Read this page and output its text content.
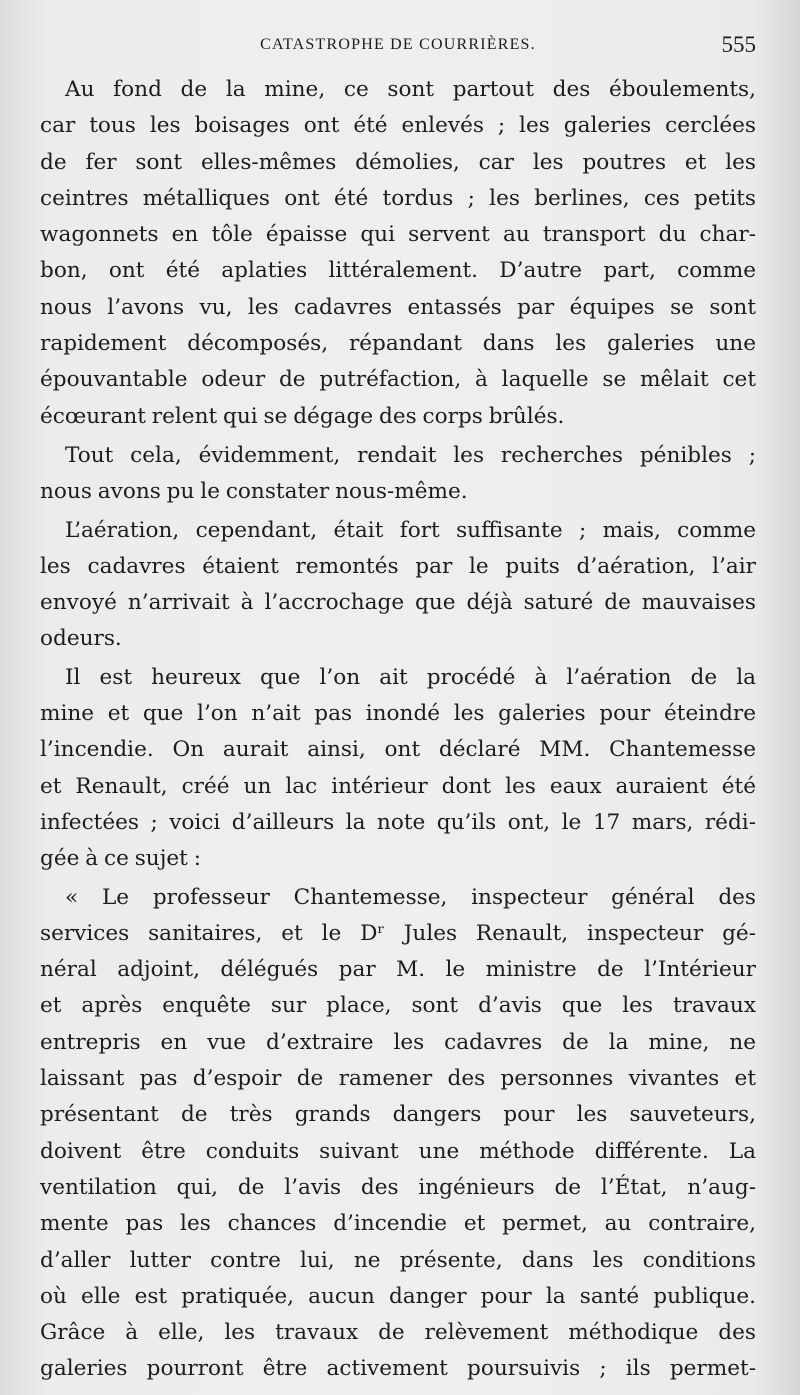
CATASTROPHE DE COURRIÈRES.	555
Au fond de la mine, ce sont partout des éboulements,
car tous les boisages ont été enlevés ; les galeries cerclées
de fer sont elles-mêmes démolies, car les poutres et les
ceintres métalliques ont été tordus ; les berlines, ces petits
wagonnets en tôle épaisse qui servent au transport du char-
bon, ont été aplaties littéralement. D’autre part, comme
nous l’avons vu, les cadavres entassés par équipes se sont
rapidement décomposés, répandant dans les galeries une
épouvantable odeur de putréfaction, à laquelle se mêlait cet
écœurant relent qui se dégage des corps brûlés.
Tout cela, évidemment, rendait les recherches pénibles ;
nous avons pu le constater nous-même.
L’aération, cependant, était fort suffisante ; mais, comme
les cadavres étaient remontés par le puits d’aération, l’air
envoyé n’arrivait à l’accrochage que déjà saturé de mauvaises
odeurs.
Il est heureux que l’on ait procédé à l’aération de la
mine et que l’on n’ait pas inondé les galeries pour éteindre
l’incendie. On aurait ainsi, ont déclaré MM. Chantemesse
et Renault, créé un lac intérieur dont les eaux auraient été
infectées ; voici d’ailleurs la note qu’ils ont, le 17 mars, rédi-
gée à ce sujet :
« Le professeur Chantemesse, inspecteur général des
services sanitaires, et le Dʳ Jules Renault, inspecteur gé-
néral adjoint, délégués par M. le ministre de l’Intérieur
et après enquête sur place, sont d’avis que les travaux
entrepris en vue d’extraire les cadavres de la mine, ne
laissant pas d’espoir de ramener des personnes vivantes et
présentant de très grands dangers pour les sauveteurs,
doivent être conduits suivant une méthode différente. La
ventilation qui, de l’avis des ingénieurs de l’État, n’aug-
mente pas les chances d’incendie et permet, au contraire,
d’aller lutter contre lui, ne présente, dans les conditions
où elle est pratiquée, aucun danger pour la santé publique.
Grâce à elle, les travaux de relèvement méthodique des
galeries pourront être activement poursuivis ; ils permet-
